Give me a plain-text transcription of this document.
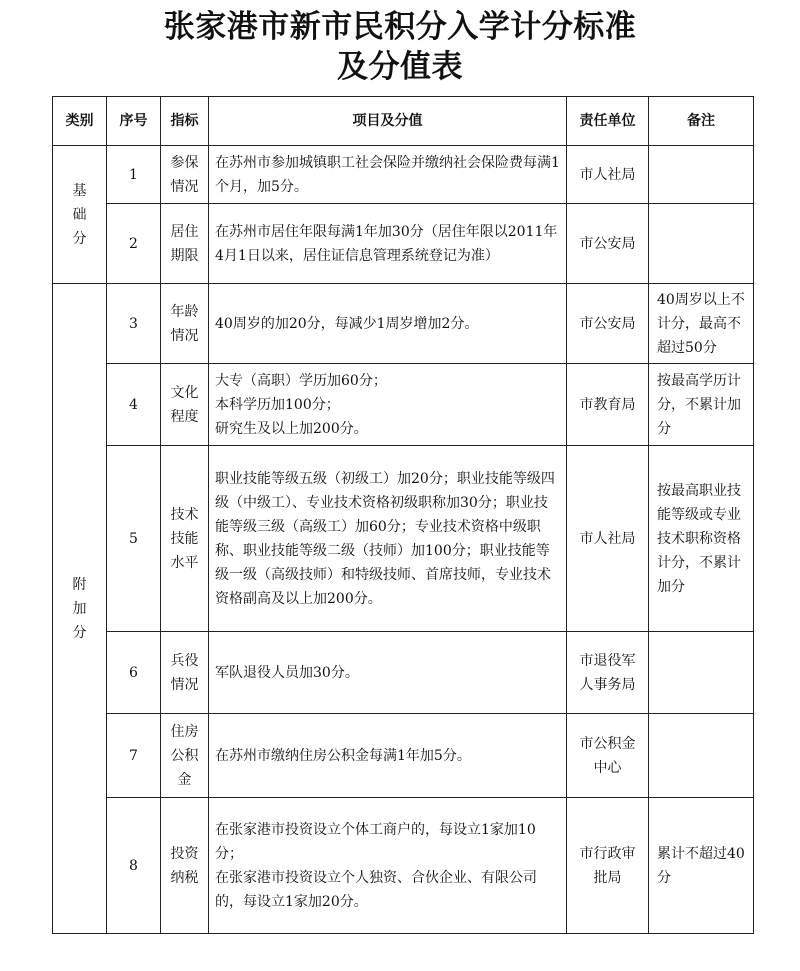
张家港市新市民积分入学计分标准
及分值表
类别	序号	指标	项目及分值	责任单位	备注
基础分	1	参保情况	在苏州市参加城镇职工社会保险并缴纳社会保险费每满1个月，加5分。	市人社局	
	2	居住期限	在苏州市居住年限每满1年加30分（居住年限以2011年4月1日以来，居住证信息管理系统登记为准）	市公安局	
附加分	3	年龄情况	40周岁的加20分，每减少1周岁增加2分。	市公安局	40周岁以上不计分，最高不超过50分
	4	文化程度	大专（高职）学历加60分；
本科学历加100分；
研究生及以上加200分。	市教育局	按最高学历计分，不累计加分
	5	技术技能水平	职业技能等级五级（初级工）加20分；职业技能等级四级（中级工）、专业技术资格初级职称加30分；职业技能等级三级（高级工）加60分；专业技术资格中级职称、职业技能等级二级（技师）加100分；职业技能等级一级（高级技师）和特级技师、首席技师，专业技术资格副高及以上加200分。	市人社局	按最高职业技能等级或专业技术职称资格计分，不累计加分
	6	兵役情况	军队退役人员加30分。	市退役军人事务局	
	7	住房公积金	在苏州市缴纳住房公积金每满1年加5分。	市公积金中心	
	8	投资纳税	在张家港市投资设立个体工商户的，每设立1家加10分；
在张家港市投资设立个人独资、合伙企业、有限公司的，每设立1家加20分。	市行政审批局	累计不超过40分
